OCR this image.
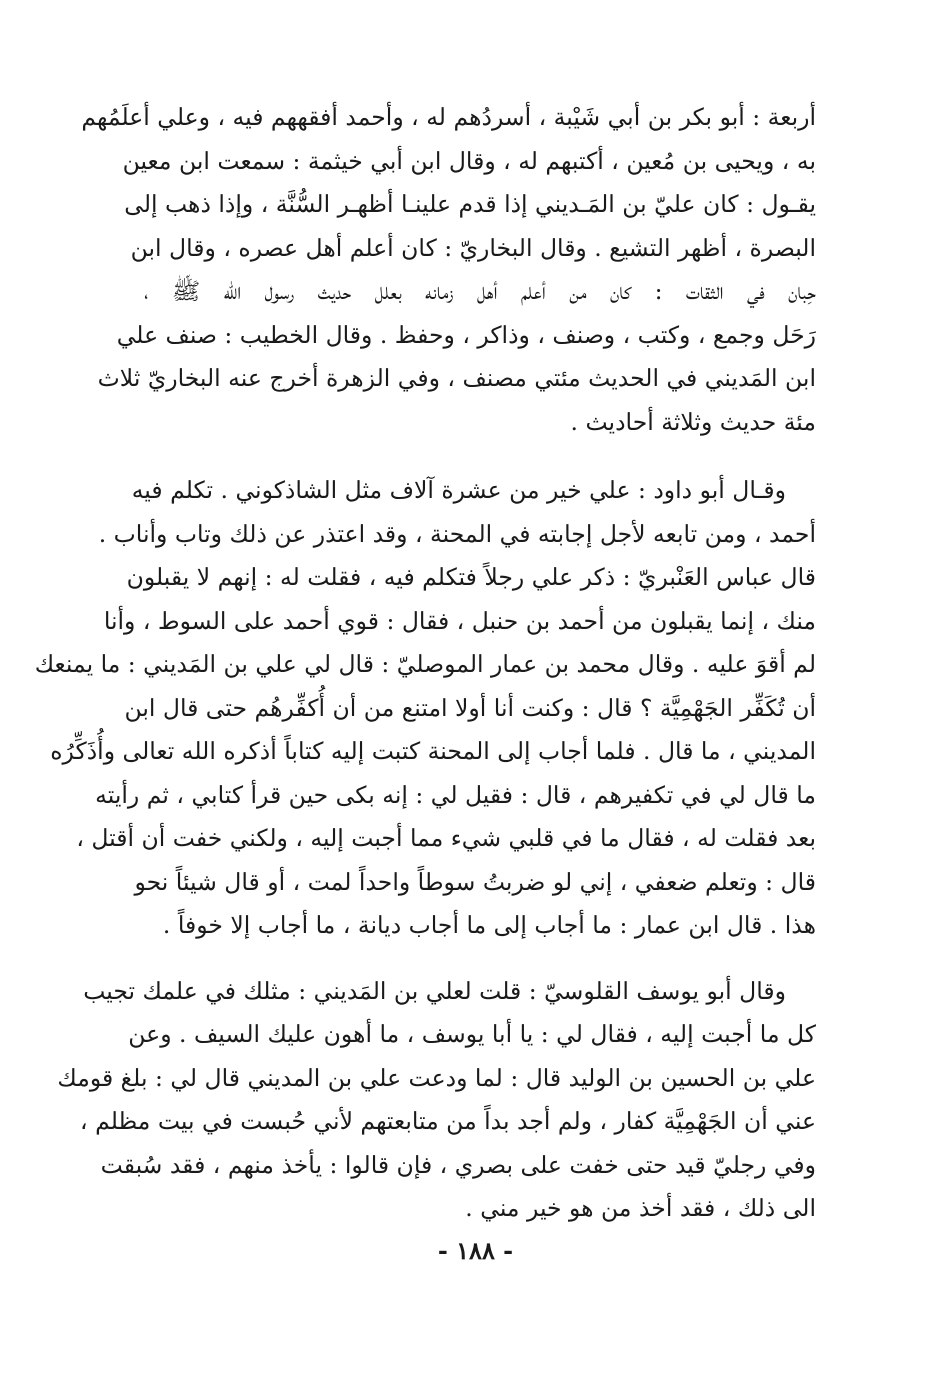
أربعة : أبو بكر بن أبي شَيْبة ، أسردُهم له ، وأحمد أفقههم فيه ، وعلي أعلَمُهم
به ، ويحيى بن مُعين ، أكتبهم له ، وقال ابن أبي خيثمة : سمعت ابن معين
يقـول : كان عليّ بن المَـديني إذا قدم علينـا أظهـر السُّنَّة ، وإذا ذهب إلى
البصرة ، أظهر التشيع . وقال البخاريّ : كان أعلم أهل عصره ، وقال ابن
حِبان في الثقات : كان من أعلم أهل زمانه بعلل حديث رسول الله ﷺ ،
رَحَل وجمع ، وكتب ، وصنف ، وذاكر ، وحفظ . وقال الخطيب : صنف علي
ابن المَديني في الحديث مئتي مصنف ، وفي الزهرة أخرج عنه البخاريّ ثلاث
مئة حديث وثلاثة أحاديث .
وقـال أبو داود : علي خير من عشرة آلاف مثل الشاذكوني . تكلم فيه
أحمد ، ومن تابعه لأجل إجابته في المحنة ، وقد اعتذر عن ذلك وتاب وأناب .
قال عباس العَنْبريّ : ذكر علي رجلاً فتكلم فيه ، فقلت له : إنهم لا يقبلون
منك ، إنما يقبلون من أحمد بن حنبل ، فقال : قوي أحمد على السوط ، وأنا
لم أقوَ عليه . وقال محمد بن عمار الموصليّ : قال لي علي بن المَديني : ما يمنعك
أن تُكَفِّر الجَهْمِيَّة ؟ قال : وكنت أنا أولا امتنع من أن أُكفِّرهُم حتى قال ابن
المديني ، ما قال . فلما أجاب إلى المحنة كتبت إليه كتاباً أذكره الله تعالى وأُذَكِّرُه
ما قال لي في تكفيرهم ، قال : فقيل لي : إنه بكى حين قرأ كتابي ، ثم رأيته
بعد فقلت له ، فقال ما في قلبي شيء مما أجبت إليه ، ولكني خفت أن أقتل ،
قال : وتعلم ضعفي ، إني لو ضربتُ سوطاً واحداً لمت ، أو قال شيئاً نحو
هذا . قال ابن عمار : ما أجاب إلى ما أجاب ديانة ، ما أجاب إلا خوفاً .
وقال أبو يوسف القلوسيّ : قلت لعلي بن المَديني : مثلك في علمك تجيب
كل ما أجبت إليه ، فقال لي : يا أبا يوسف ، ما أهون عليك السيف . وعن
علي بن الحسين بن الوليد قال : لما ودعت علي بن المديني قال لي : بلغ قومك
عني أن الجَهْمِيَّة كفار ، ولم أجد بداً من متابعتهم لأني حُبست في بيت مظلم ،
وفي رجليّ قيد حتى خفت على بصري ، فإن قالوا : يأخذ منهم ، فقد سُبقت
الى ذلك ، فقد أخذ من هو خير مني .
- ١٨٨ -
